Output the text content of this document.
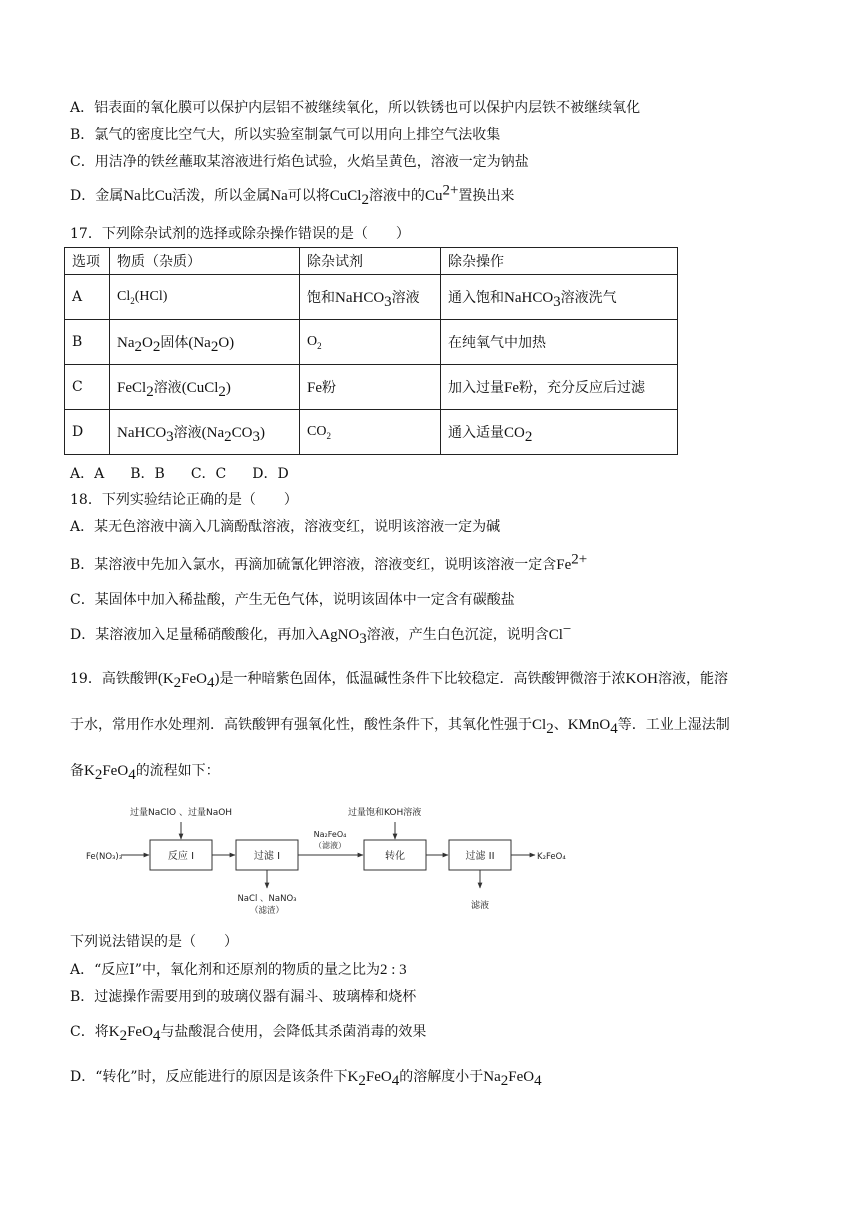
A．铝表面的氧化膜可以保护内层铝不被继续氧化，所以铁锈也可以保护内层铁不被继续氧化
B．氯气的密度比空气大，所以实验室制氯气可以用向上排空气法收集
C．用洁净的铁丝蘸取某溶液进行焰色试验，火焰呈黄色，溶液一定为钠盐
D．金属Na比Cu活泼，所以金属Na可以将CuCl$_2$溶液中的$Cu^{2+}$置换出来
17．下列除杂试剂的选择或除杂操作错误的是（　　）
选项	物质（杂质）	除杂试剂	除杂操作
A	$Cl_2(HCl)$	饱和NaHCO$_3$溶液	通入饱和NaHCO$_3$溶液洗气
B	$Na_2O_2$固体$(Na_2O)$	$O_2$	在纯氧气中加热
C	FeCl$_2$溶液(CuCl$_2$)	Fe粉	加入过量Fe粉，充分反应后过滤
D	NaHCO$_3$溶液$(Na_2CO_3)$	$CO_2$	通入适量$CO_2$
A．A B．B C．C D．D
18．下列实验结论正确的是（　　）
A．某无色溶液中滴入几滴酚酞溶液，溶液变红，说明该溶液一定为碱
B．某溶液中先加入氯水，再滴加硫氰化钾溶液，溶液变红，说明该溶液一定含$Fe^{2+}$
C．某固体中加入稀盐酸，产生无色气体，说明该固体中一定含有碳酸盐
D．某溶液加入足量稀硝酸酸化，再加入AgNO$_3$溶液，产生白色沉淀，说明含Cl−
19．高铁酸钾$(K_2FeO_4)$是一种暗紫色固体，低温碱性条件下比较稳定．高铁酸钾微溶于浓KOH溶液，能溶
于水，常用作水处理剂．高铁酸钾有强氧化性，酸性条件下，其氧化性强于$Cl_2$、KMnO$_4$等．工业上湿法制
备$K_2FeO_4$的流程如下：
过量NaClO 、过量NaOH	过量饱和KOH溶液
Fe(NO₃)₃	反应 I	过滤 I
Na₂FeO₄
（滤液）
转化	过滤 II	K₂FeO₄
NaCl 、NaNO₃
（滤渣）	滤液
下列说法错误的是（　　）
A．“反应Ⅰ”中，氧化剂和还原剂的物质的量之比为2 : 3
B．过滤操作需要用到的玻璃仪器有漏斗、玻璃棒和烧杯
C．将$K_2FeO_4$与盐酸混合使用，会降低其杀菌消毒的效果
D．“转化”时，反应能进行的原因是该条件下$K_2FeO_4$的溶解度小于$Na_2FeO_4$
